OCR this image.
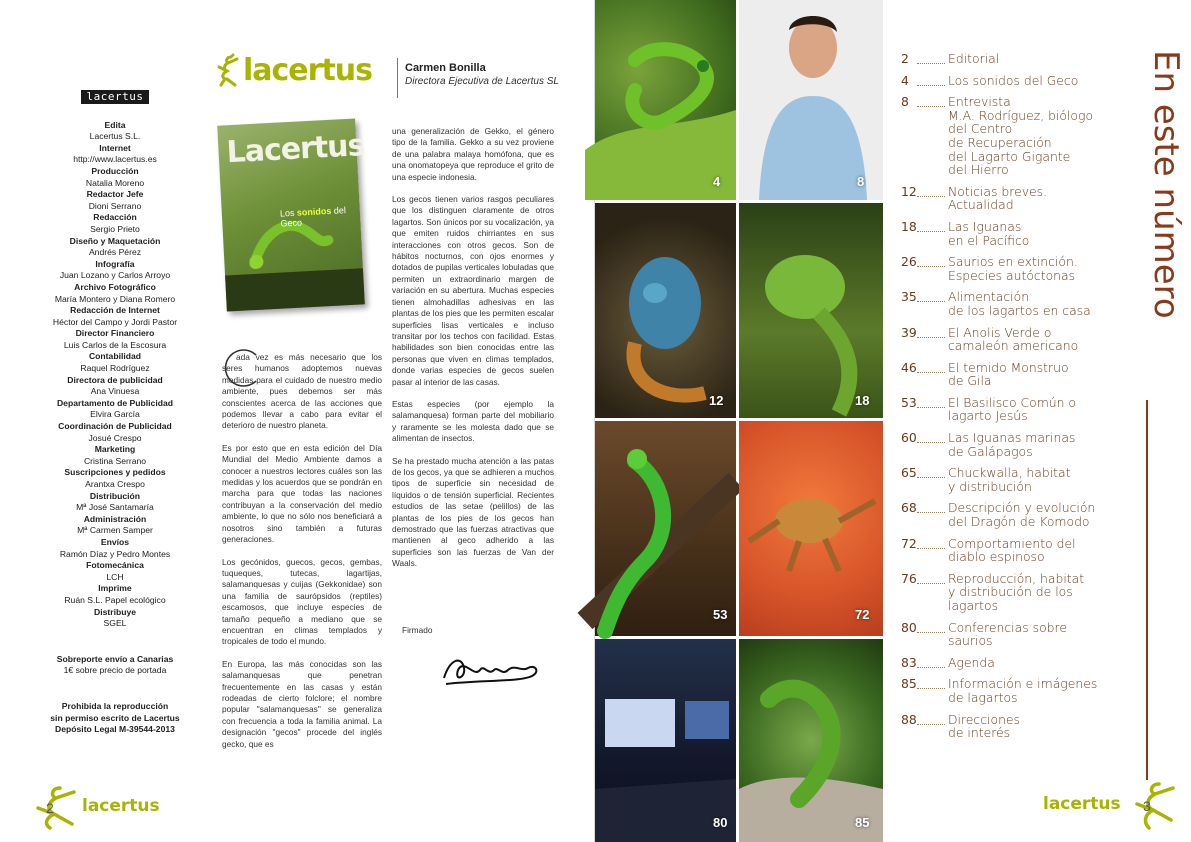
lacertus
Edita
Lacertus S.L.
Internet
http://www.lacertus.es
Producción
Natalia Moreno
Redactor Jefe
Dioni Serrano
Redacción
Sergio Prieto
Diseño y Maquetación
Andrés Pérez
Infografía
Juan Lozano y Carlos Arroyo
Archivo Fotográfico
María Montero y Diana Romero
Redacción de Internet
Héctor del Campo y Jordi Pastor
Director Financiero
Luis Carlos de la Escosura
Contabilidad
Raquel Rodríguez
Directora de publicidad
Ana Vinuesa
Departamento de Publicidad
Elvira García
Coordinación de Publicidad
Josué Crespo
Marketing
Cristina Serrano
Suscripciones y pedidos
Arantxa Crespo
Distribución
Mª José Santamaría
Administración
Mª Carmen Samper
Envíos
Ramón Díaz y Pedro Montes
Fotomecánica
LCH
Imprime
Ruán S.L. Papel ecológico
Distribuye
SGEL
Sobreporte envío a Canarias
1€ sobre precio de portada
Prohibida la reproducción
sin permiso escrito de Lacertus
Depósito Legal M-39544-2013
lacertus	Carmen Bonilla
Directora Ejecutiva de Lacertus SL
Lacertus
Los sonidos del Geco

ada vez es más necesario que los seres humanos adoptemos nuevas medidas para el cuidado de nuestro medio ambiente, pues debemos ser más conscientes acerca de las acciones que podemos llevar a cabo para evitar el deterioro de nuestro planeta.

Es por esto que en esta edición del Día Mundial del Medio Ambiente damos a conocer a nuestros lectores cuáles son las medidas y los acuerdos que se pondrán en marcha para que todas las naciones contribuyan a la conservación del medio ambiente, lo que no sólo nos beneficiará a nosotros sino también a futuras generaciones.

Los gecónidos, guecos, gecos, gembas, tuqueques, tutecas, lagartijas, salamanquesas y cuijas (Gekkonidae) son una familia de saurópsidos (reptiles) escamosos, que incluye especies de tamaño pequeño a mediano que se encuentran en climas templados y tropicales de todo el mundo.

En Europa, las más conocidas son las salamanquesas que penetran frecuentemente en las casas y están rodeadas de cierto folclore; el nombre popular "salamanquesas" se generaliza con frecuencia a toda la familia animal. La designación "gecos" procede del inglés gecko, que es

una generalización de Gekko, el género tipo de la familia. Gekko a su vez proviene de una palabra malaya homófona, que es una onomatopeya que reproduce el grito de una especie indonesia.

Los gecos tienen varios rasgos peculiares que los distinguen claramente de otros lagartos. Son únicos por su vocalización, ya que emiten ruidos chirriantes en sus interacciones con otros gecos. Son de hábitos nocturnos, con ojos enormes y dotados de pupilas verticales lobuladas que permiten un extraordinario margen de variación en su abertura. Muchas especies tienen almohadillas adhesivas en las plantas de los pies que les permiten escalar superficies lisas verticales e incluso transitar por los techos con facilidad. Estas habilidades son bien conocidas entre las personas que viven en climas templados, donde varias especies de gecos suelen pasar al interior de las casas.

Estas especies (por ejemplo la salamanquesa) forman parte del mobiliario y raramente se les molesta dado que se alimentan de insectos.

Se ha prestado mucha atención a las patas de los gecos, ya que se adhieren a muchos tipos de superficie sin necesidad de líquidos o de tensión superficial. Recientes estudios de las setae (pelillos) de las plantas de los pies de los gecos han demostrado que las fuerzas atractivas que mantienen al geco adherido a las superficies son las fuerzas de Van der Waals.

Firmado
2 lacertus
4	8
12	18
53	72
80	85
2	Editorial
4	Los sonidos del Geco
8	Entrevista
M.A. Rodríguez, biólogo
del Centro
de Recuperación
del Lagarto Gigante
del Hierro
12	Noticias breves.
Actualidad
18	Las Iguanas
en el Pacífico
26	Saurios en extinción.
Especies autóctonas
35	Alimentación
de los lagartos en casa
39	El Anolis Verde o
camaleón americano
46	El temido Monstruo
de Gila
53	El Basilisco Común o
lagarto Jesús
60	Las Iguanas marinas
de Galápagos
65	Chuckwalla, habitat
y distribución
68	Descripción y evolución
del Dragón de Komodo
72	Comportamiento del
diablo espinoso
76	Reproducción, habitat
y distribución de los
lagartos
80	Conferencias sobre
saurios
83	Agenda
85	Información e imágenes
de lagartos
88	Direcciones
de interés
En este número
3
lacertus
